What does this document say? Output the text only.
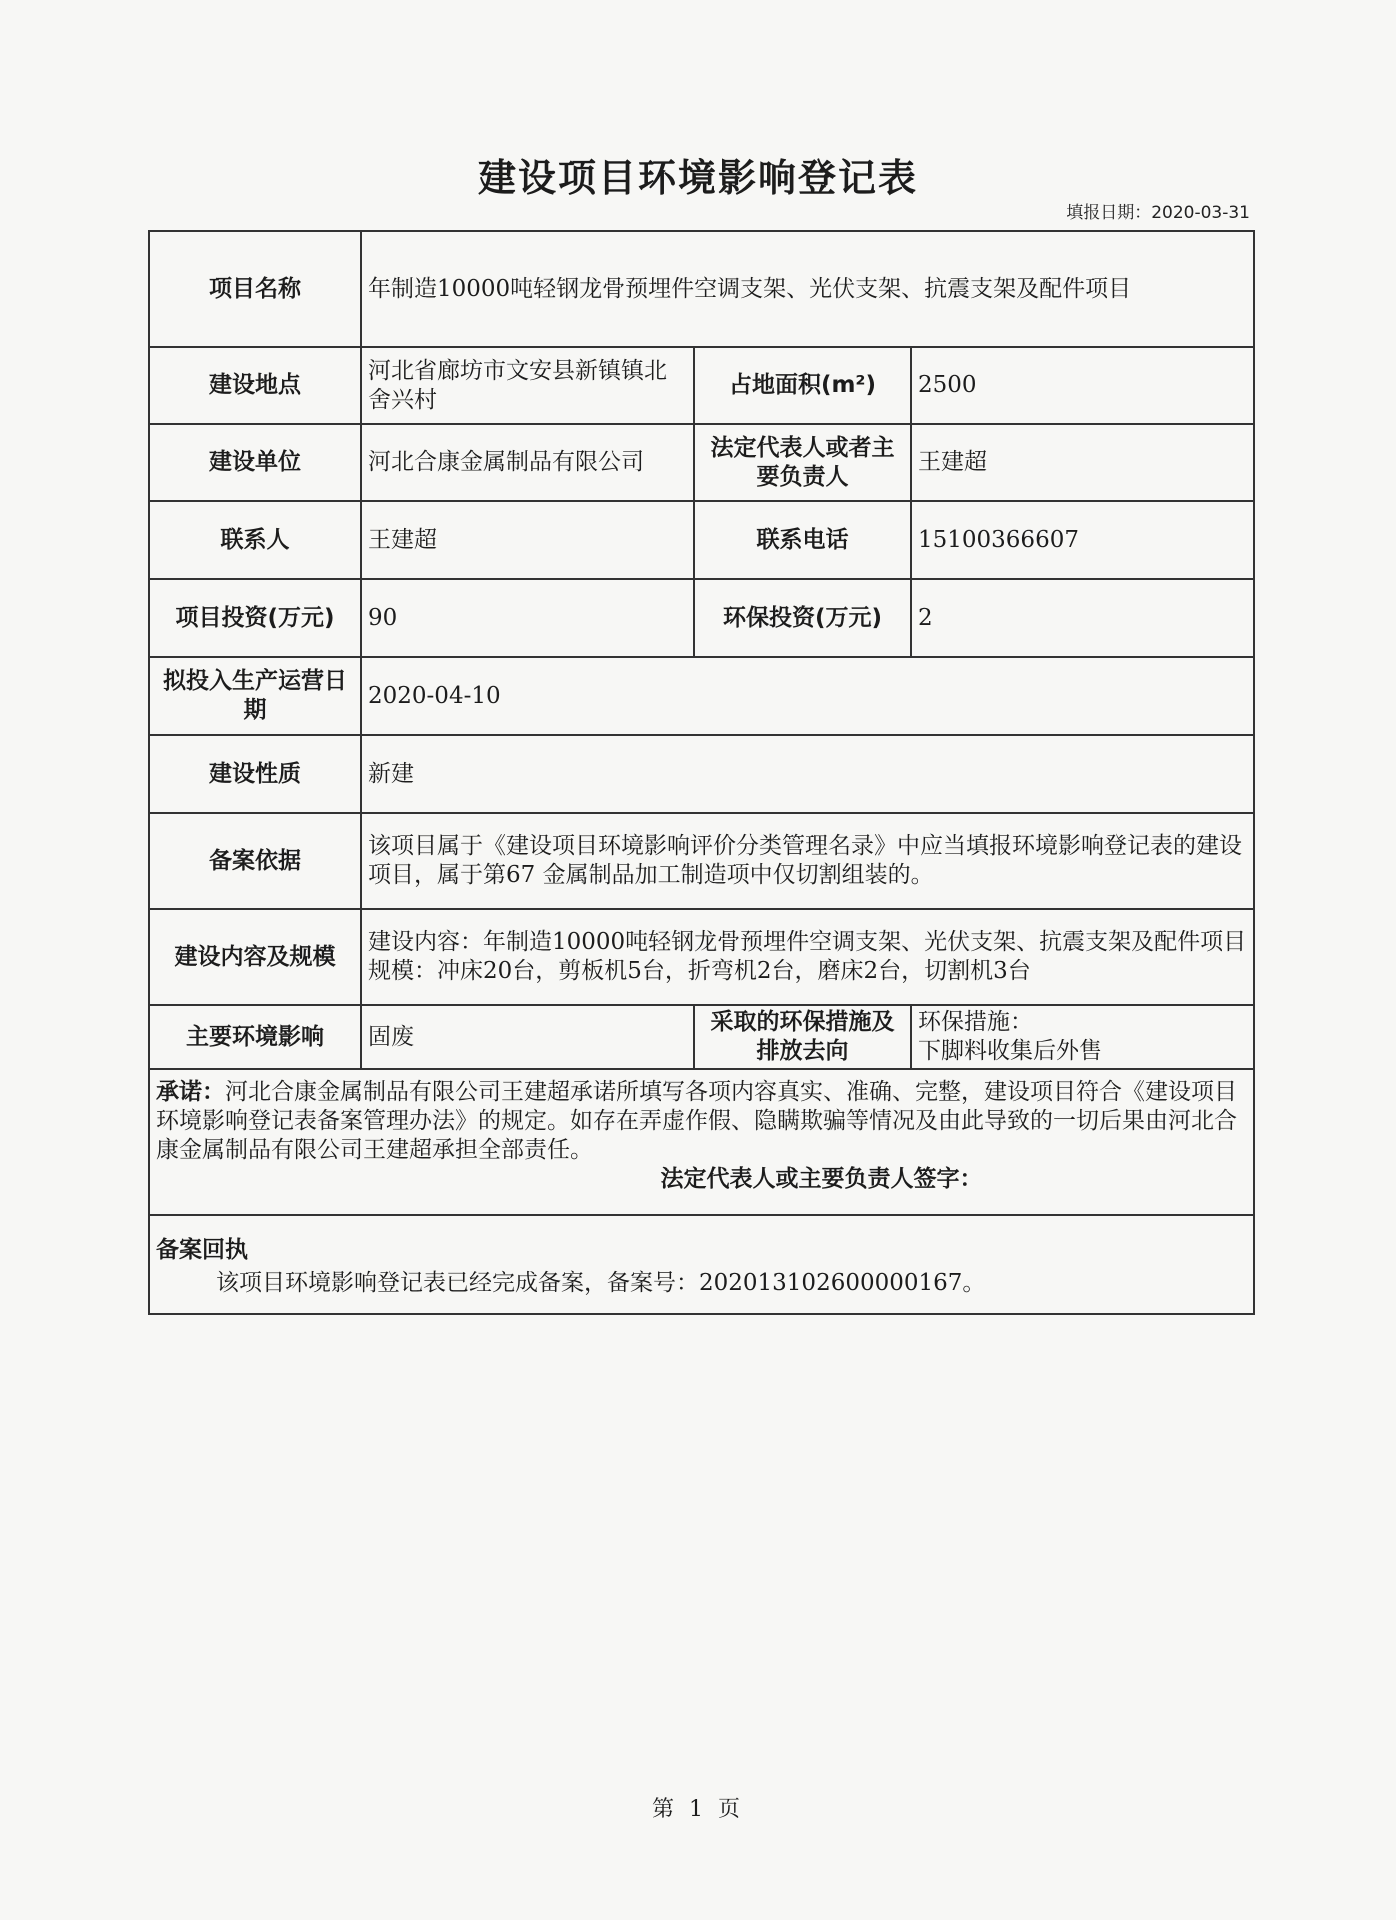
建设项目环境影响登记表
填报日期：2020-03-31
项目名称	年制造10000吨轻钢龙骨预埋件空调支架、光伏支架、抗震支架及配件项目		
建设地点	河北省廊坊市文安县新镇镇北舍兴村	占地面积(m²)	2500
建设单位	河北合康金属制品有限公司	法定代表人或者主要负责人	王建超
联系人	王建超	联系电话	15100366607
项目投资(万元)	90	环保投资(万元)	2
拟投入生产运营日期	2020-04-10		
建设性质	新建		
备案依据	该项目属于《建设项目环境影响评价分类管理名录》中应当填报环境影响登记表的建设项目，属于第67 金属制品加工制造项中仅切割组装的。		
建设内容及规模	建设内容：年制造10000吨轻钢龙骨预埋件空调支架、光伏支架、抗震支架及配件项目
规模：冲床20台，剪板机5台，折弯机2台，磨床2台，切割机3台		

主要环境影响	固废	采取的环保措施及排放去向	环保措施：
下脚料收集后外售

承诺：河北合康金属制品有限公司王建超承诺所填写各项内容真实、准确、完整，建设项目符合《建设项目环境影响登记表备案管理办法》的规定。如存在弄虚作假、隐瞒欺骗等情况及由此导致的一切后果由河北合康金属制品有限公司王建超承担全部责任。
法定代表人或主要负责人签字：			

备案回执
该项目环境影响登记表已经完成备案，备案号：202013102600000167。			
第 1 页
